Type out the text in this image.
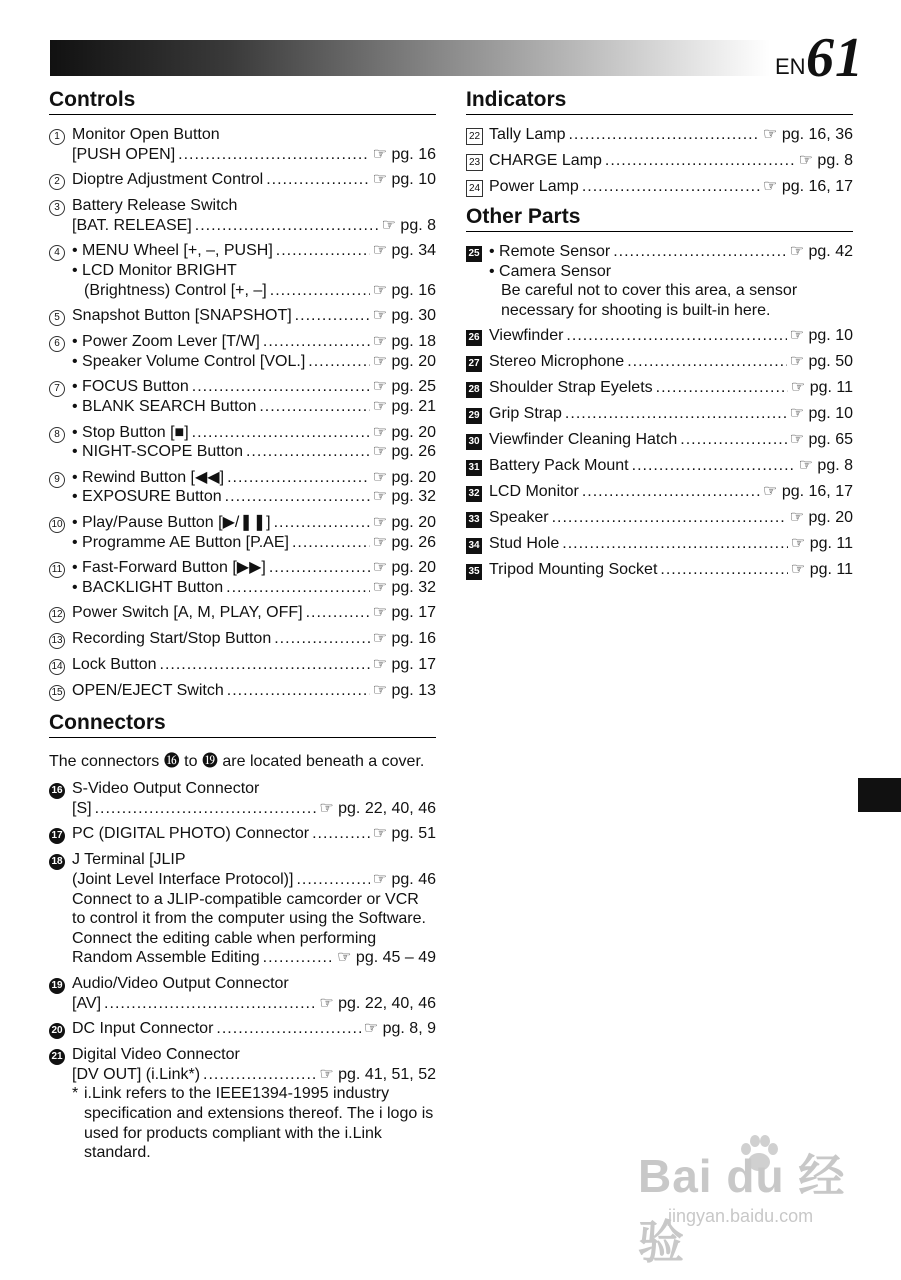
EN 61
Controls
1 Monitor Open Button
[PUSH OPEN] .....	☞ pg. 16
2 Dioptre Adjustment Control .....	☞ pg. 10
3 Battery Release Switch
[BAT. RELEASE] .....	☞ pg. 8
4 • MENU Wheel [+, –, PUSH] .....	☞ pg. 34
• LCD Monitor BRIGHT
(Brightness) Control [+, –] .....	☞ pg. 16
5 Snapshot Button [SNAPSHOT] .....	☞ pg. 30
6 • Power Zoom Lever [T/W] .....	☞ pg. 18
• Speaker Volume Control [VOL.] .....	☞ pg. 20
7 • FOCUS Button .....	☞ pg. 25
• BLANK SEARCH Button .....	☞ pg. 21
8 • Stop Button [■] .....	☞ pg. 20
• NIGHT-SCOPE Button .....	☞ pg. 26
9 • Rewind Button [◀◀] .....	☞ pg. 20
• EXPOSURE Button .....	☞ pg. 32
10 • Play/Pause Button [▶/❚❚] .....	☞ pg. 20
• Programme AE Button [P.AE] .....	☞ pg. 26
11 • Fast-Forward Button [▶▶] .....	☞ pg. 20
• BACKLIGHT Button .....	☞ pg. 32
12 Power Switch [A, M, PLAY, OFF] .....	☞ pg. 17
13 Recording Start/Stop Button .....	☞ pg. 16
14 Lock Button .....	☞ pg. 17
15 OPEN/EJECT Switch .....	☞ pg. 13
Connectors
The connectors ⓰ to ⓳ are located beneath a cover.
16 S-Video Output Connector
[S] .....	☞ pg. 22, 40, 46
17 PC (DIGITAL PHOTO) Connector .....	☞ pg. 51
18 J Terminal [JLIP
(Joint Level Interface Protocol)] .....	☞ pg. 46
Connect to a JLIP-compatible camcorder or VCR to control it from the computer using the Software.
Connect the editing cable when performing
Random Assemble Editing .....	☞ pg. 45 – 49
19 Audio/Video Output Connector
[AV] .....	☞ pg. 22, 40, 46
20 DC Input Connector .....	☞ pg. 8, 9
21 Digital Video Connector
[DV OUT] (i.Link*) .....	☞ pg. 41, 51, 52
* i.Link refers to the IEEE1394-1995 industry specification and extensions thereof. The i logo is used for products compliant with the i.Link standard.
Indicators
22 Tally Lamp .....	☞ pg. 16, 36
23 CHARGE Lamp .....	☞ pg. 8
24 Power Lamp .....	☞ pg. 16, 17
Other Parts
25 • Remote Sensor .....	☞ pg. 42
• Camera Sensor
Be careful not to cover this area, a sensor necessary for shooting is built-in here.
26 Viewfinder .....	☞ pg. 10
27 Stereo Microphone .....	☞ pg. 50
28 Shoulder Strap Eyelets .....	☞ pg. 11
29 Grip Strap .....	☞ pg. 10
30 Viewfinder Cleaning Hatch .....	☞ pg. 65
31 Battery Pack Mount .....	☞ pg. 8
32 LCD Monitor .....	☞ pg. 16, 17
33 Speaker .....	☞ pg. 20
34 Stud Hole .....	☞ pg. 11
35 Tripod Mounting Socket .....	☞ pg. 11
Bai du 经验
jingyan.baidu.com
